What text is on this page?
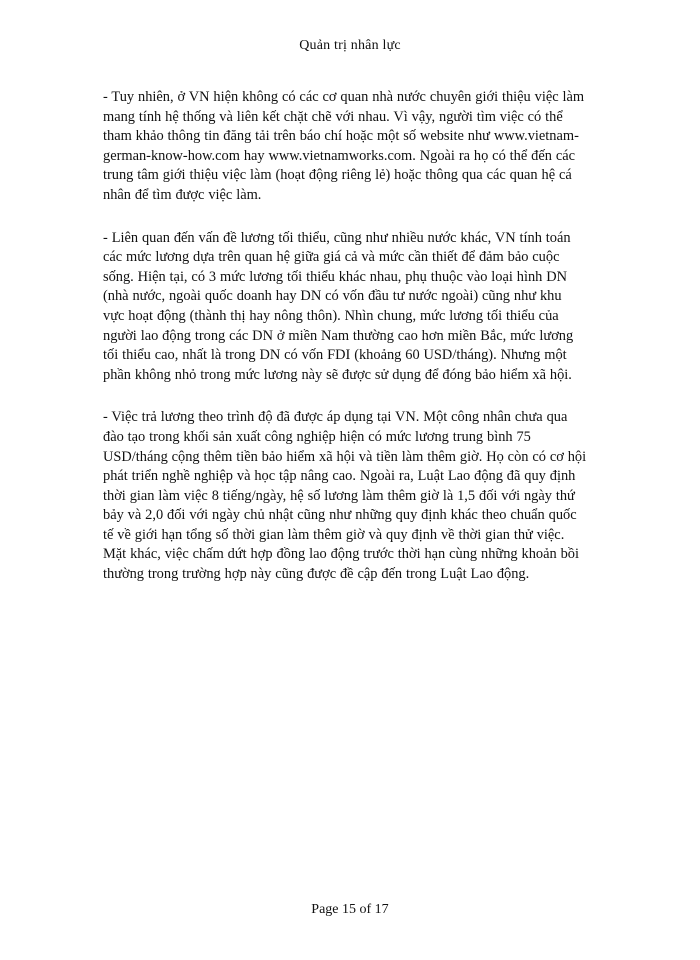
Quản trị nhân lực

- Tuy nhiên, ở VN hiện không có các cơ quan nhà nước chuyên giới thiệu việc làm
mang tính hệ thống và liên kết chặt chẽ với nhau. Vì vậy, người tìm việc có thể
tham khảo thông tin đăng tải trên báo chí hoặc một số website như www.vietnam-
german-know-how.com hay www.vietnamworks.com. Ngoài ra họ có thể đến các
trung tâm giới thiệu việc làm (hoạt động riêng lẻ) hoặc thông qua các quan hệ cá
nhân để tìm được việc làm.

- Liên quan đến vấn đề lương tối thiểu, cũng như nhiều nước khác, VN tính toán
các mức lương dựa trên quan hệ giữa giá cả và mức cần thiết để đảm bảo cuộc
sống. Hiện tại, có 3 mức lương tối thiểu khác nhau, phụ thuộc vào loại hình DN
(nhà nước, ngoài quốc doanh hay DN có vốn đầu tư nước ngoài) cũng như khu
vực hoạt động (thành thị hay nông thôn). Nhìn chung, mức lương tối thiểu của
người lao động trong các DN ở miền Nam thường cao hơn miền Bắc, mức lương
tối thiểu cao, nhất là trong DN có vốn FDI (khoảng 60 USD/tháng). Nhưng một
phần không nhỏ trong mức lương này sẽ được sử dụng để đóng bảo hiểm xã hội.

- Việc trả lương theo trình độ đã được áp dụng tại VN. Một công nhân chưa qua
đào tạo trong khối sản xuất công nghiệp hiện có mức lương trung bình 75
USD/tháng cộng thêm tiền bảo hiểm xã hội và tiền làm thêm giờ. Họ còn có cơ hội
phát triển nghề nghiệp và học tập nâng cao. Ngoài ra, Luật Lao động đã quy định
thời gian làm việc 8 tiếng/ngày, hệ số lương làm thêm giờ là 1,5 đối với ngày thứ
bảy và 2,0 đối với ngày chủ nhật cũng như những quy định khác theo chuẩn quốc
tế về giới hạn tổng số thời gian làm thêm giờ và quy định về thời gian thử việc.
Mặt khác, việc chấm dứt hợp đồng lao động trước thời hạn cùng những khoản bồi
thường trong trường hợp này cũng được đề cập đến trong Luật Lao động.

Page 15 of 17
